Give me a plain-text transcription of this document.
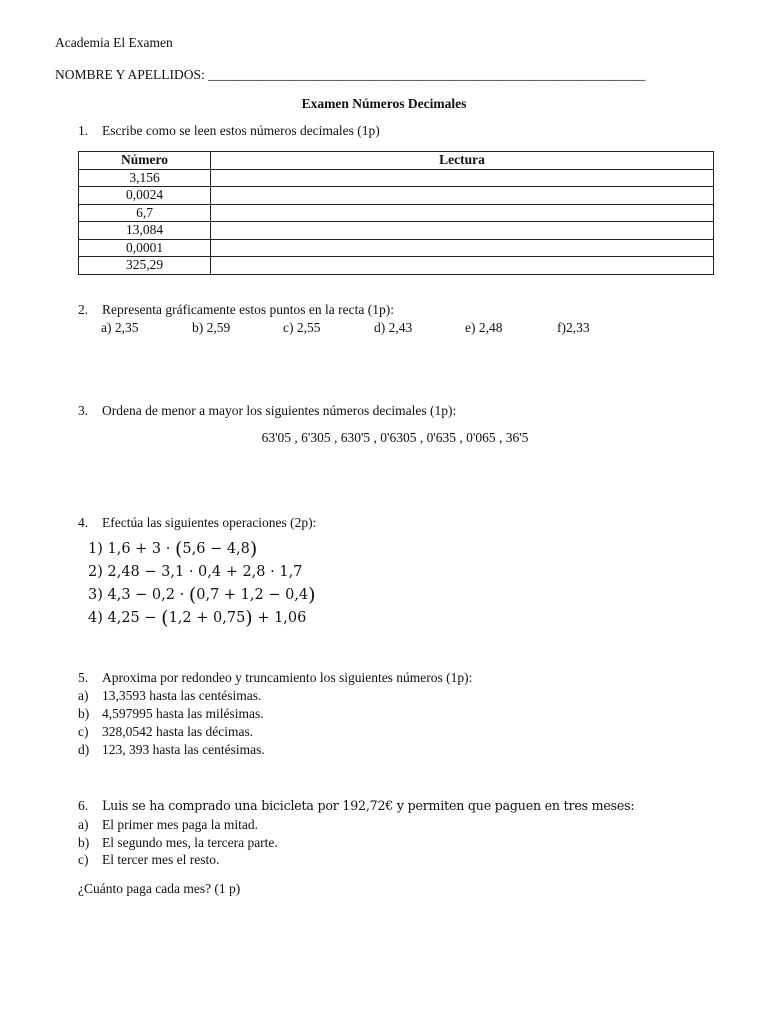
Academia El Examen
NOMBRE Y APELLIDOS: _______________________________________________________________________
Examen Números Decimales
1. Escribe como se leen estos números decimales (1p)
Número	Lectura
3,156	
0,0024	
6,7	
13,084	
0,0001	
325,29	
2. Representa gráficamente estos puntos en la recta (1p):
a) 2,35	b) 2,59	c) 2,55	d) 2,43	e) 2,48	f)2,33
3. Ordena de menor a mayor los siguientes números decimales (1p):
63'05 , 6'305 , 630'5 , 0'6305 , 0'635 , 0'065 , 36'5
4. Efectúa las siguientes operaciones (2p):
1) 1,6 + 3 · (5,6 − 4,8)
2) 2,48 − 3,1 · 0,4 + 2,8 · 1,7
3) 4,3 − 0,2 · (0,7 + 1,2 − 0,4)
4) 4,25 − (1,2 + 0,75) + 1,06
5. Aproxima por redondeo y truncamiento los siguientes números (1p):
a) 13,3593 hasta las centésimas.
b) 4,597995 hasta las milésimas.
c) 328,0542 hasta las décimas.
d) 123, 393 hasta las centésimas.
6. Luis se ha comprado una bicicleta por 192,72€ y permiten que paguen en tres meses:
a) El primer mes paga la mitad.
b) El segundo mes, la tercera parte.
c) El tercer mes el resto.
¿Cuánto paga cada mes? (1 p)
